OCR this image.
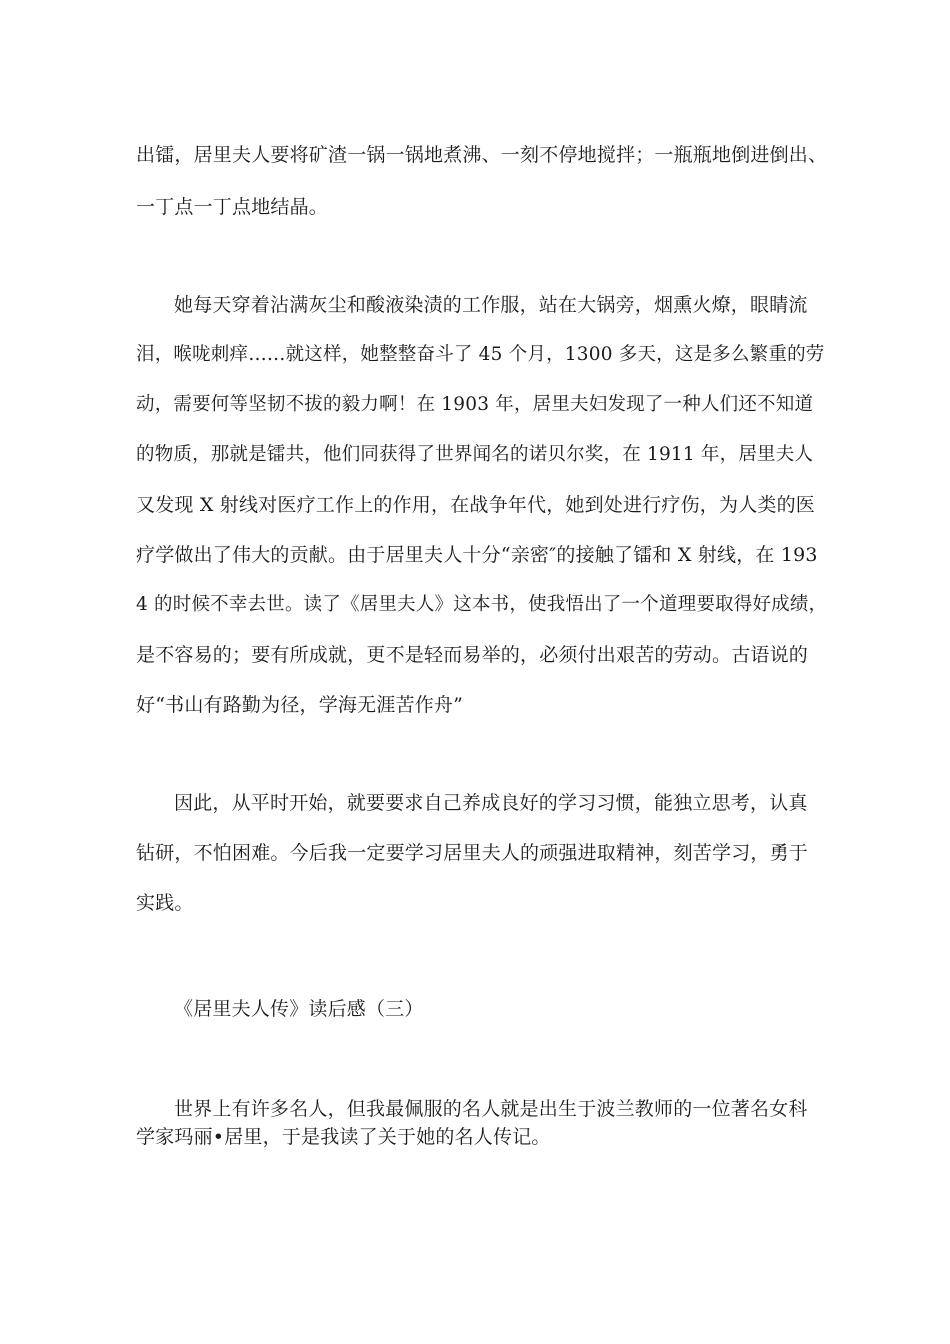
出镭，居里夫人要将矿渣一锅一锅地煮沸、一刻不停地搅拌；一瓶瓶地倒进倒出、
一丁点一丁点地结晶。
她每天穿着沾满灰尘和酸液染渍的工作服，站在大锅旁，烟熏火燎，眼睛流
泪，喉咙刺痒……就这样，她整整奋斗了 45 个月，1300 多天，这是多么繁重的劳
动，需要何等坚韧不拔的毅力啊！在 1903 年，居里夫妇发现了一种人们还不知道
的物质，那就是镭共，他们同获得了世界闻名的诺贝尔奖，在 1911 年，居里夫人
又发现 X 射线对医疗工作上的作用，在战争年代，她到处进行疗伤，为人类的医
疗学做出了伟大的贡献。由于居里夫人十分“亲密″的接触了镭和 X 射线，在 193
4 的时候不幸去世。读了《居里夫人》这本书，使我悟出了一个道理要取得好成绩，
是不容易的；要有所成就，更不是轻而易举的，必须付出艰苦的劳动。古语说的
好“书山有路勤为径，学海无涯苦作舟”
因此，从平时开始，就要要求自己养成良好的学习习惯，能独立思考，认真
钻研，不怕困难。今后我一定要学习居里夫人的顽强进取精神，刻苦学习，勇于
实践。
《居里夫人传》读后感（三）
世界上有许多名人，但我最佩服的名人就是出生于波兰教师的一位著名女科
学家玛丽•居里，于是我读了关于她的名人传记。
